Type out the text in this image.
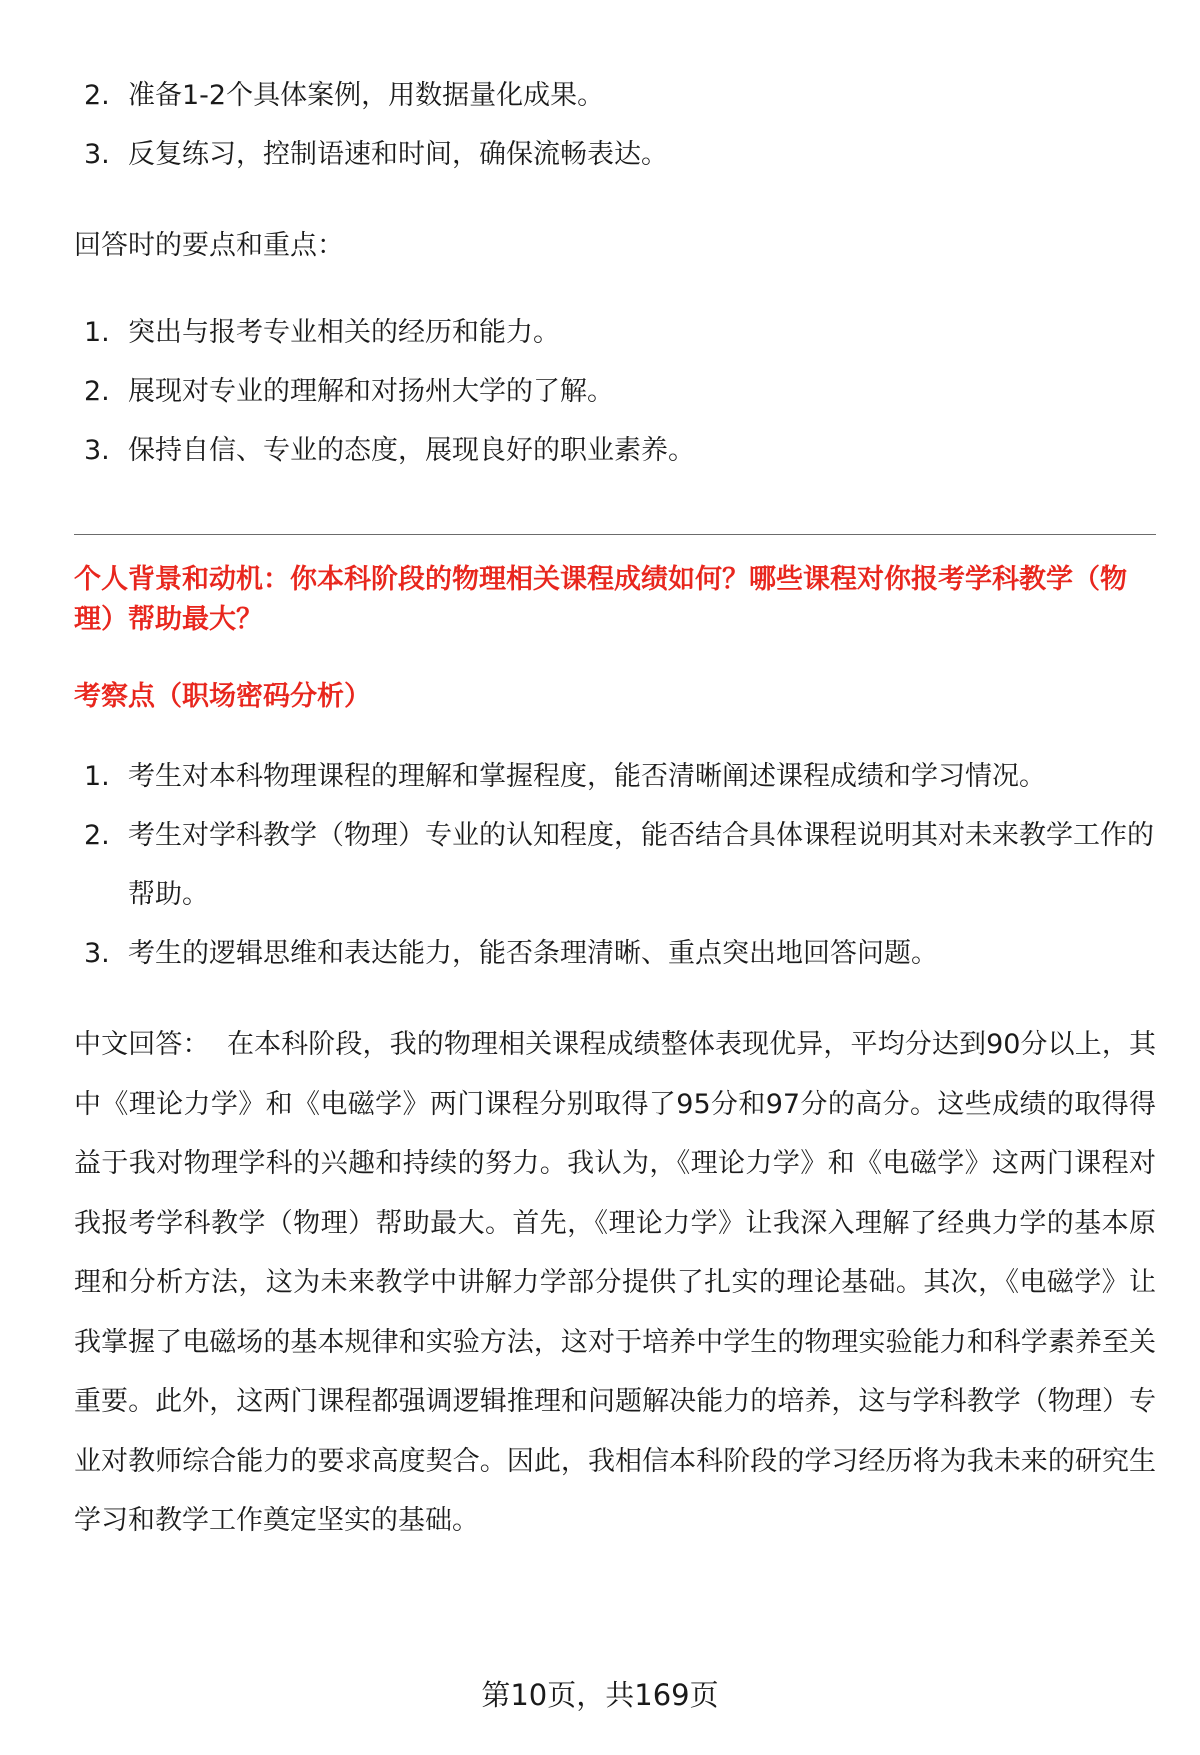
2. 准备1-2个具体案例，用数据量化成果。
3. 反复练习，控制语速和时间，确保流畅表达。
回答时的要点和重点：
1. 突出与报考专业相关的经历和能力。
2. 展现对专业的理解和对扬州大学的了解。
3. 保持自信、专业的态度，展现良好的职业素养。
个人背景和动机：你本科阶段的物理相关课程成绩如何？哪些课程对你报考学科教学（物理）帮助最大？
考察点（职场密码分析）
1. 考生对本科物理课程的理解和掌握程度，能否清晰阐述课程成绩和学习情况。
2. 考生对学科教学（物理）专业的认知程度，能否结合具体课程说明其对未来教学工作的帮助。
3. 考生的逻辑思维和表达能力，能否条理清晰、重点突出地回答问题。
中文回答： 在本科阶段，我的物理相关课程成绩整体表现优异，平均分达到90分以上，其中《理论力学》和《电磁学》两门课程分别取得了95分和97分的高分。这些成绩的取得得益于我对物理学科的兴趣和持续的努力。我认为，《理论力学》和《电磁学》这两门课程对我报考学科教学（物理）帮助最大。首先，《理论力学》让我深入理解了经典力学的基本原理和分析方法，这为未来教学中讲解力学部分提供了扎实的理论基础。其次，《电磁学》让我掌握了电磁场的基本规律和实验方法，这对于培养中学生的物理实验能力和科学素养至关重要。此外，这两门课程都强调逻辑推理和问题解决能力的培养，这与学科教学（物理）专业对教师综合能力的要求高度契合。因此，我相信本科阶段的学习经历将为我未来的研究生学习和教学工作奠定坚实的基础。
第10页，共169页
